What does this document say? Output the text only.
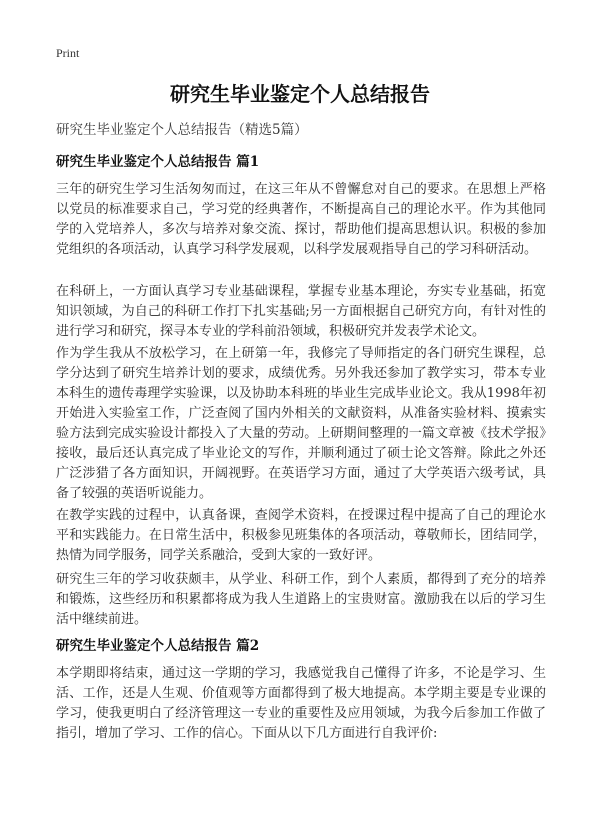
Print
研究生毕业鉴定个人总结报告

研究生毕业鉴定个人总结报告（精选5篇）

研究生毕业鉴定个人总结报告 篇1

三年的研究生学习生活匆匆而过，在这三年从不曾懈怠对自己的要求。在思想上严格以党员的标准要求自己，学习党的经典著作，不断提高自己的理论水平。作为其他同学的入党培养人，多次与培养对象交流、探讨，帮助他们提高思想认识。积极的参加党组织的各项活动，认真学习科学发展观，以科学发展观指导自己的学习科研活动。

在科研上，一方面认真学习专业基础课程，掌握专业基本理论，夯实专业基础，拓宽知识领域，为自己的科研工作打下扎实基础;另一方面根据自己研究方向，有针对性的进行学习和研究，探寻本专业的学科前沿领域，积极研究并发表学术论文。

作为学生我从不放松学习，在上研第一年，我修完了导师指定的各门研究生课程，总学分达到了研究生培养计划的要求，成绩优秀。另外我还参加了教学实习，带本专业本科生的遗传毒理学实验课，以及协助本科班的毕业生完成毕业论文。我从1998年初开始进入实验室工作，广泛查阅了国内外相关的文献资料，从准备实验材料、摸索实验方法到完成实验设计都投入了大量的劳动。上研期间整理的一篇文章被《技术学报》接收，最后还认真完成了毕业论文的写作，并顺利通过了硕士论文答辩。除此之外还广泛涉猎了各方面知识，开阔视野。在英语学习方面，通过了大学英语六级考试，具备了较强的英语听说能力。

在教学实践的过程中，认真备课，查阅学术资料，在授课过程中提高了自己的理论水平和实践能力。在日常生活中，积极参见班集体的各项活动，尊敬师长，团结同学，热情为同学服务，同学关系融洽，受到大家的一致好评。

研究生三年的学习收获颇丰，从学业、科研工作，到个人素质，都得到了充分的培养和锻炼，这些经历和积累都将成为我人生道路上的宝贵财富。激励我在以后的学习生活中继续前进。

研究生毕业鉴定个人总结报告 篇2

本学期即将结束，通过这一学期的学习，我感觉我自己懂得了许多，不论是学习、生活、工作，还是人生观、价值观等方面都得到了极大地提高。本学期主要是专业课的学习，使我更明白了经济管理这一专业的重要性及应用领域，为我今后参加工作做了指引，增加了学习、工作的信心。下面从以下几方面进行自我评价:
